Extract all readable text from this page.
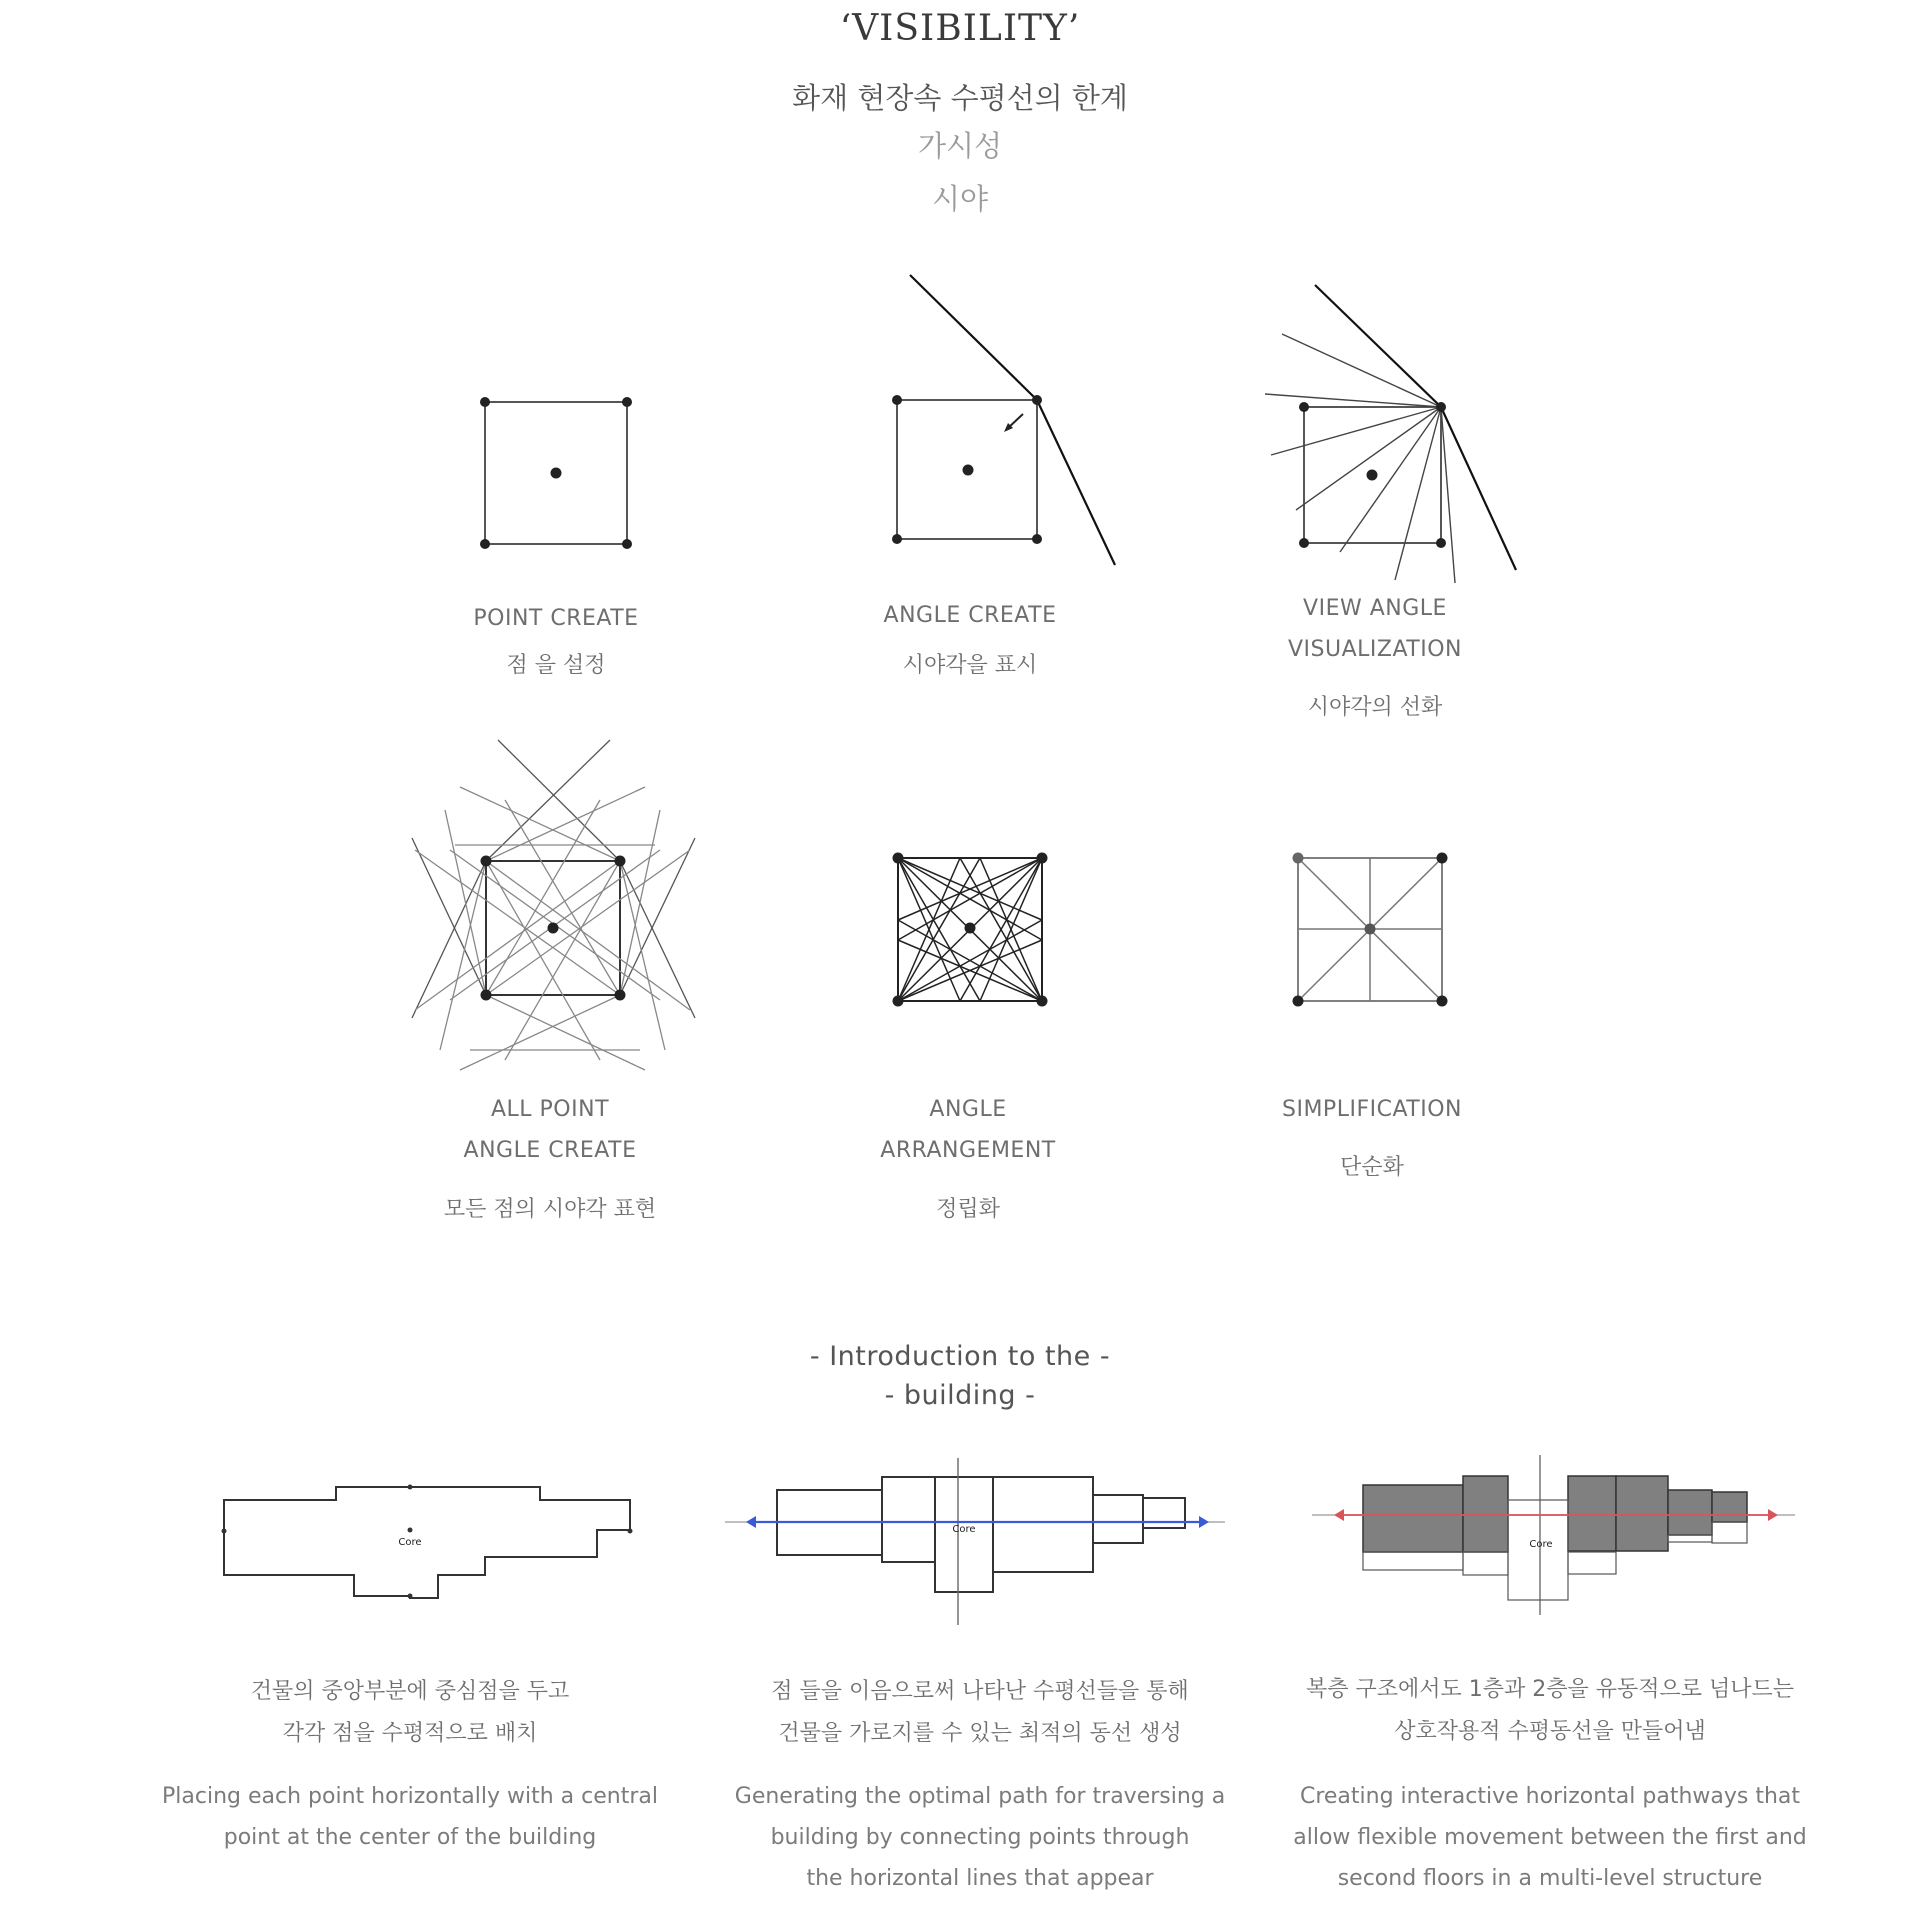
‘VISIBILITY’
화재 현장속 수평선의 한계
가시성
시야
POINT CREATE
점 을 설정
ANGLE CREATE
시야각을 표시
VIEW ANGLE
VISUALIZATION
시야각의 선화
ALL POINT
ANGLE CREATE
모든 점의 시야각 표현
ANGLE
ARRANGEMENT
정립화
SIMPLIFICATION
단순화
- Introduction to the -
- building -
Core
Core
Core
건물의 중앙부분에 중심점을 두고
각각 점을 수평적으로 배치
Placing each point horizontally with a central
point at the center of the building
점 들을 이음으로써 나타난 수평선들을 통해
건물을 가로지를 수 있는 최적의 동선 생성
Generating the optimal path for traversing a
building by connecting points through
the horizontal lines that appear
복층 구조에서도 1층과 2층을 유동적으로 넘나드는
상호작용적 수평동선을 만들어냄
Creating interactive horizontal pathways that
allow flexible movement between the first and
second floors in a multi-level structure
